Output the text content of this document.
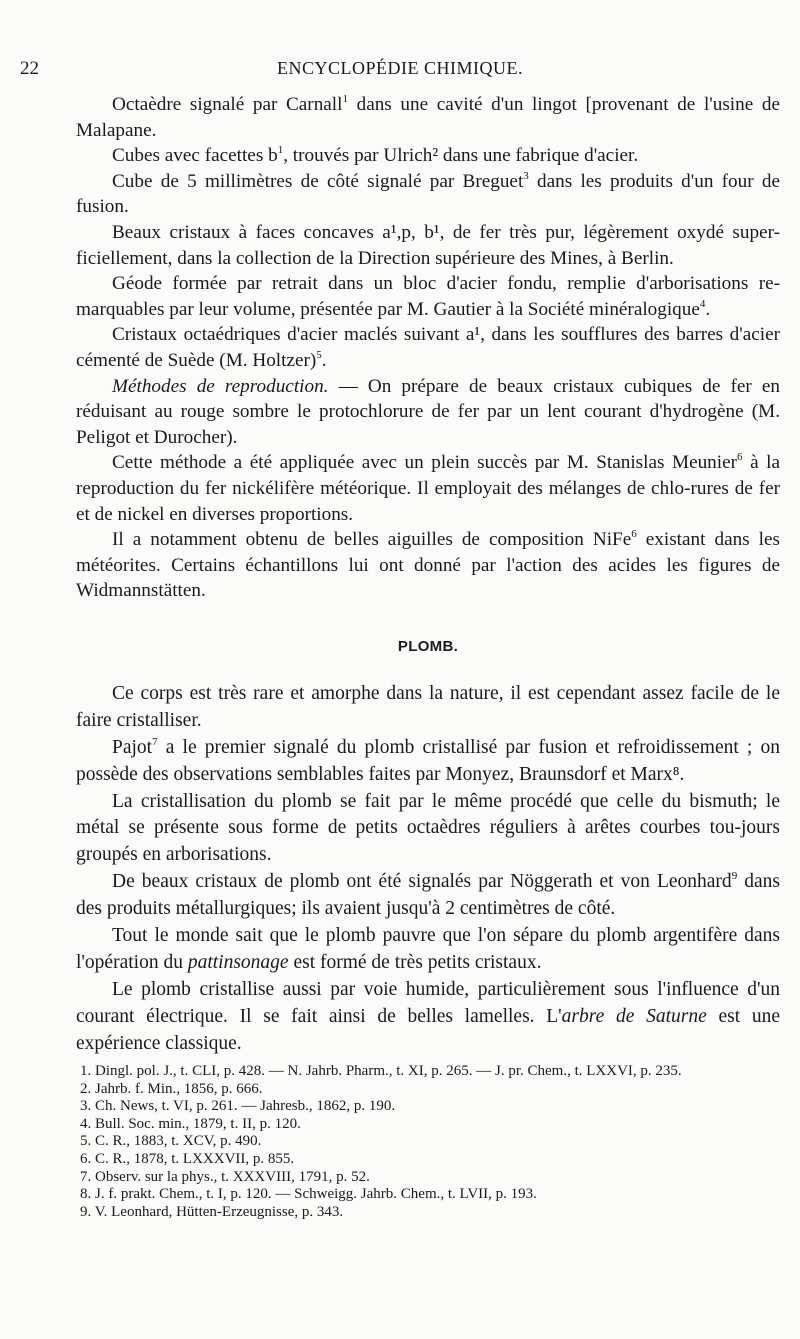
22	ENCYCLOPÉDIE CHIMIQUE.

Octaèdre signalé par Carnall$^1$ dans une cavité d'un lingot [provenant de l'usine de Malapane.

Cubes avec facettes $b^1$, trouvés par Ulrich² dans une fabrique d'acier.

Cube de 5 millimètres de côté signalé par Breguet$^3$ dans les produits d'un four de fusion.

Beaux cristaux à faces concaves a¹,p, b¹, de fer très pur, légèrement oxydé super-ficiellement, dans la collection de la Direction supérieure des Mines, à Berlin.

Géode formée par retrait dans un bloc d'acier fondu, remplie d'arborisations re-marquables par leur volume, présentée par M. Gautier à la Société minéralogique$^4$.

Cristaux octaédriques d'acier maclés suivant a¹, dans les soufflures des barres d'acier cémenté de Suède (M. Holtzer)$^5$.

Méthodes de reproduction. — On prépare de beaux cristaux cubiques de fer en réduisant au rouge sombre le protochlorure de fer par un lent courant d'hydrogène (M. Peligot et Durocher).

Cette méthode a été appliquée avec un plein succès par M. Stanislas Meunier$^6$ à la reproduction du fer nickélifère météorique. Il employait des mélanges de chlo-rures de fer et de nickel en diverses proportions.

Il a notamment obtenu de belles aiguilles de composition NiFe$^6$ existant dans les météorites. Certains échantillons lui ont donné par l'action des acides les figures de Widmannstätten.

PLOMB.

Ce corps est très rare et amorphe dans la nature, il est cependant assez facile de le faire cristalliser.

Pajot$^7$ a le premier signalé du plomb cristallisé par fusion et refroidissement ; on possède des observations semblables faites par Monyez, Braunsdorf et Marx⁸.

La cristallisation du plomb se fait par le même procédé que celle du bismuth; le métal se présente sous forme de petits octaèdres réguliers à arêtes courbes tou-jours groupés en arborisations.

De beaux cristaux de plomb ont été signalés par Nöggerath et von Leonhard$^9$ dans des produits métallurgiques; ils avaient jusqu'à 2 centimètres de côté.

Tout le monde sait que le plomb pauvre que l'on sépare du plomb argentifère dans l'opération du pattinsonage est formé de très petits cristaux.

Le plomb cristallise aussi par voie humide, particulièrement sous l'influence d'un courant électrique. Il se fait ainsi de belles lamelles. L'arbre de Saturne est une expérience classique.

1. Dingl. pol. J., t. CLI, p. 428. — N. Jahrb. Pharm., t. XI, p. 265. — J. pr. Chem., t. LXXVI, p. 235.
2. Jahrb. f. Min., 1856, p. 666.
3. Ch. News, t. VI, p. 261. — Jahresb., 1862, p. 190.
4. Bull. Soc. min., 1879, t. II, p. 120.
5. C. R., 1883, t. XCV, p. 490.
6. C. R., 1878, t. LXXXVII, p. 855.
7. Observ. sur la phys., t. XXXVIII, 1791, p. 52.
8. J. f. prakt. Chem., t. I, p. 120. — Schweigg. Jahrb. Chem., t. LVII, p. 193.
9. V. Leonhard, Hütten-Erzeugnisse, p. 343.
